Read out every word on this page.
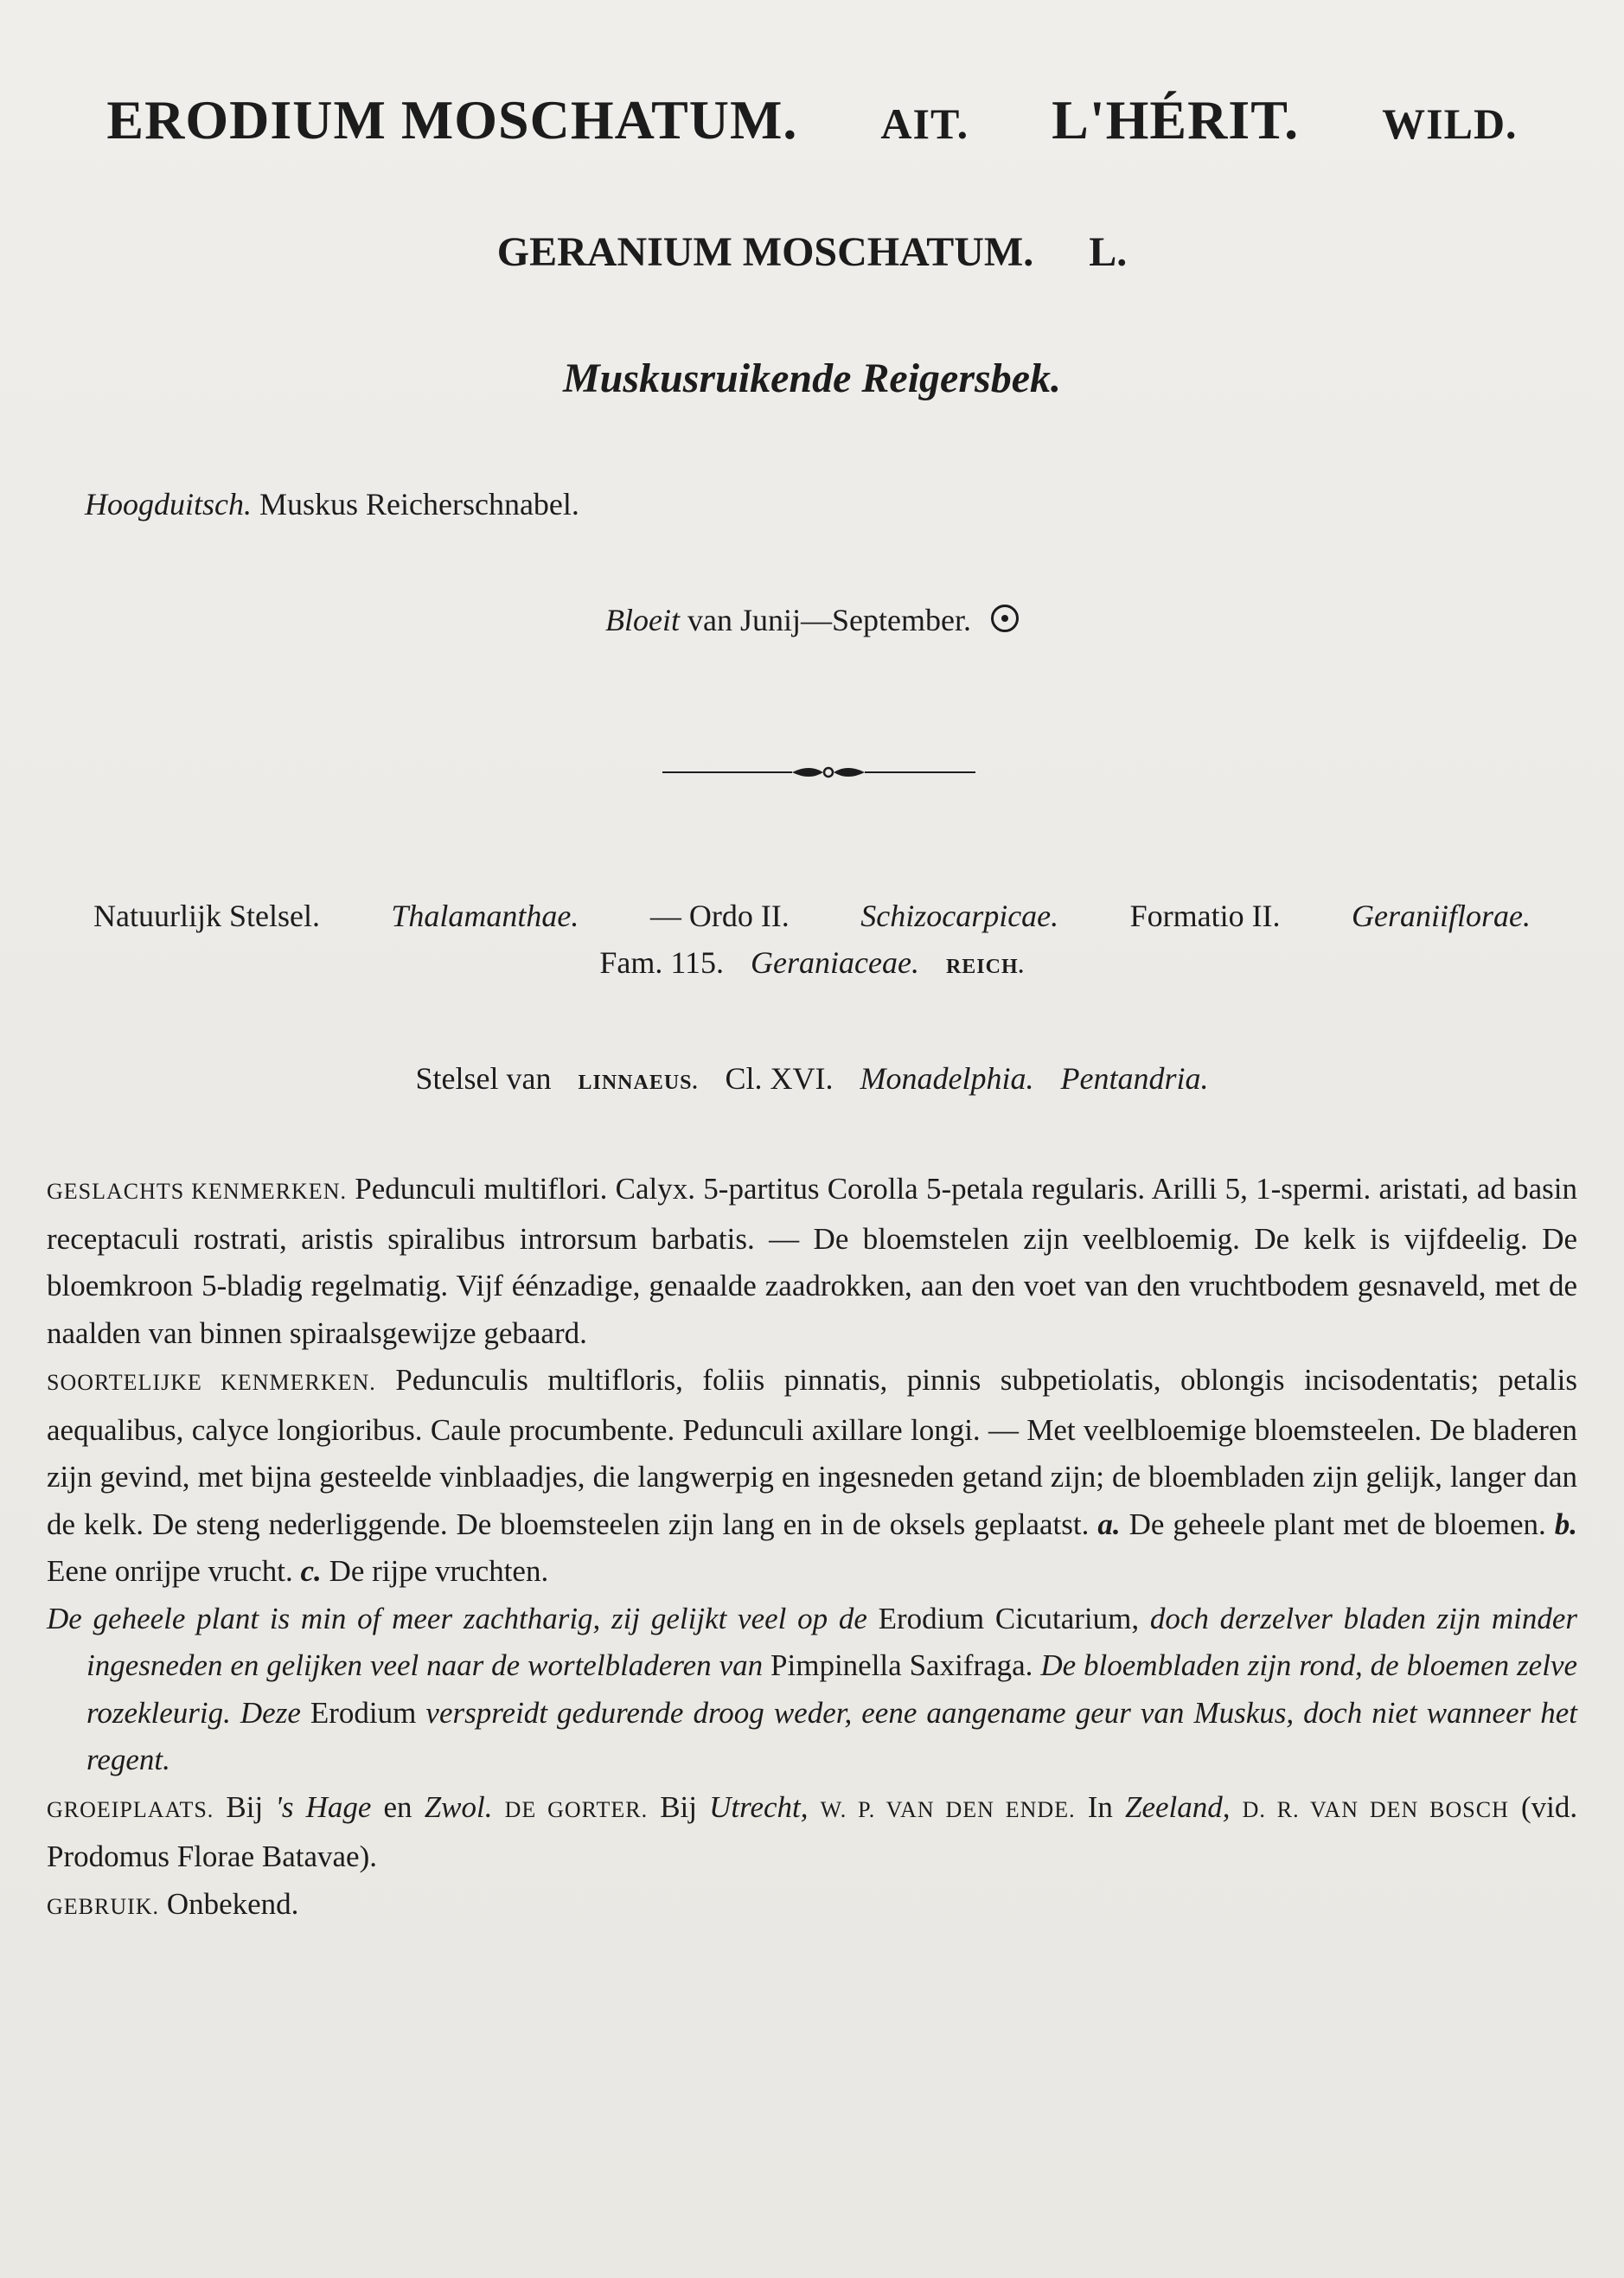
ERODIUM MOSCHATUM. AIT. L'HÉRIT. WILD.
GERANIUM MOSCHATUM. L.
Muskusruikende Reigersbek.
Hoogduitsch. Muskus Reicherschnabel.
Bloeit van Junij—September.
Natuurlijk Stelsel. Thalamanthae. — Ordo II. Schizocarpicae. Formatio II. Geraniiflorae.
Fam. 115. Geraniaceae. REICH.
Stelsel van LINNAEUS. Cl. XVI. Monadelphia. Pentandria.

GESLACHTS KENMERKEN. Pedunculi multiflori. Calyx. 5-partitus Corolla 5-petala regularis. Arilli 5, 1-spermi. aristati, ad basin receptaculi rostrati, aristis spiralibus introrsum barbatis. — De bloemstelen zijn veelbloemig. De kelk is vijfdeelig. De bloemkroon 5-bladig regelmatig. Vijf éénzadige, genaalde zaadrokken, aan den voet van den vruchtbodem gesnaveld, met de naalden van binnen spiraalsgewijze gebaard.

SOORTELIJKE KENMERKEN. Pedunculis multifloris, foliis pinnatis, pinnis subpetiolatis, oblongis incisodentatis; petalis aequalibus, calyce longioribus. Caule procumbente. Pedunculi axillare longi. — Met veelbloemige bloemsteelen. De bladeren zijn gevind, met bijna gesteelde vinblaadjes, die langwerpig en ingesneden getand zijn; de bloembladen zijn gelijk, langer dan de kelk. De steng nederliggende. De bloemsteelen zijn lang en in de oksels geplaatst. a. De geheele plant met de bloemen. b. Eene onrijpe vrucht. c. De rijpe vruchten.

De geheele plant is min of meer zachtharig, zij gelijkt veel op de Erodium Cicutarium, doch derzelver bladen zijn minder ingesneden en gelijken veel naar de wortelbladeren van Pimpinella Saxifraga. De bloembladen zijn rond, de bloemen zelve rozekleurig. Deze Erodium verspreidt gedurende droog weder, eene aangename geur van Muskus, doch niet wanneer het regent.

GROEIPLAATS. Bij 's Hage en Zwol. DE GORTER. Bij Utrecht, W. P. VAN DEN ENDE. In Zeeland, D. R. VAN DEN BOSCH (vid. Prodomus Florae Batavae).

GEBRUIK. Onbekend.
